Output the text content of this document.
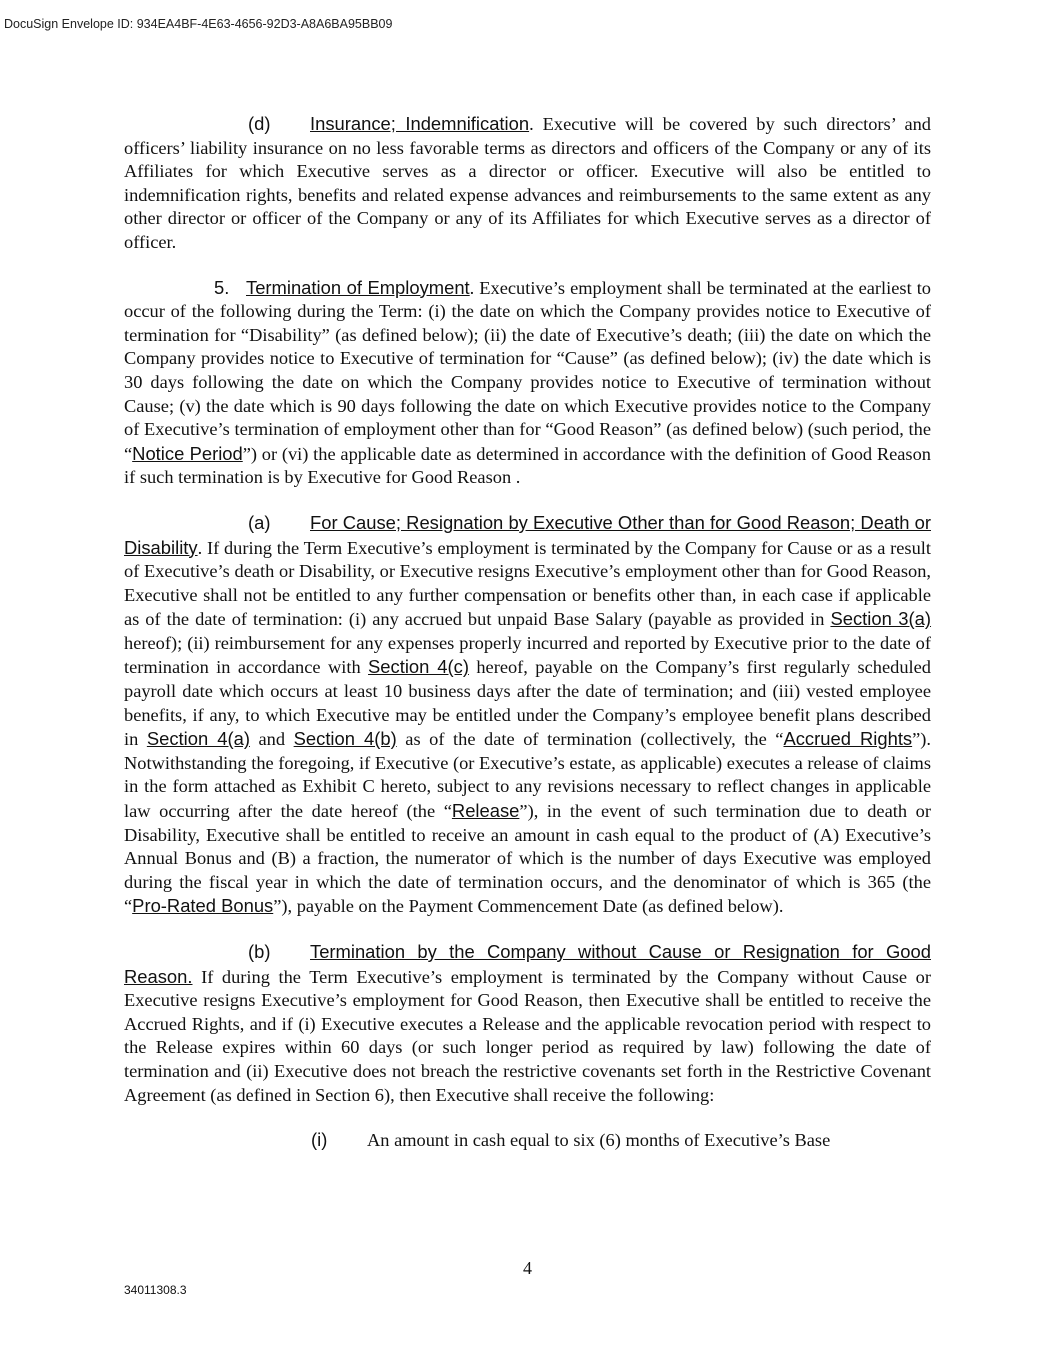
DocuSign Envelope ID: 934EA4BF-4E63-4656-92D3-A8A6BA95BB09

(d) Insurance; Indemnification. Executive will be covered by such directors’ and officers’ liability insurance on no less favorable terms as directors and officers of the Company or any of its Affiliates for which Executive serves as a director or officer. Executive will also be entitled to indemnification rights, benefits and related expense advances and reimbursements to the same extent as any other director or officer of the Company or any of its Affiliates for which Executive serves as a director of officer.

5. Termination of Employment. Executive’s employment shall be terminated at the earliest to occur of the following during the Term: (i) the date on which the Company provides notice to Executive of termination for “Disability” (as defined below); (ii) the date of Executive’s death; (iii) the date on which the Company provides notice to Executive of termination for “Cause” (as defined below); (iv) the date which is 30 days following the date on which the Company provides notice to Executive of termination without Cause; (v) the date which is 90 days following the date on which Executive provides notice to the Company of Executive’s termination of employment other than for “Good Reason” (as defined below) (such period, the “Notice Period”) or (vi) the applicable date as determined in accordance with the definition of Good Reason if such termination is by Executive for Good Reason .

(a) For Cause; Resignation by Executive Other than for Good Reason; Death or Disability. If during the Term Executive’s employment is terminated by the Company for Cause or as a result of Executive’s death or Disability, or Executive resigns Executive’s employment other than for Good Reason, Executive shall not be entitled to any further compensation or benefits other than, in each case if applicable as of the date of termination: (i) any accrued but unpaid Base Salary (payable as provided in Section 3(a) hereof); (ii) reimbursement for any expenses properly incurred and reported by Executive prior to the date of termination in accordance with Section 4(c) hereof, payable on the Company’s first regularly scheduled payroll date which occurs at least 10 business days after the date of termination; and (iii) vested employee benefits, if any, to which Executive may be entitled under the Company’s employee benefit plans described in Section 4(a) and Section 4(b) as of the date of termination (collectively, the “Accrued Rights”). Notwithstanding the foregoing, if Executive (or Executive’s estate, as applicable) executes a release of claims in the form attached as Exhibit C hereto, subject to any revisions necessary to reflect changes in applicable law occurring after the date hereof (the “Release”), in the event of such termination due to death or Disability, Executive shall be entitled to receive an amount in cash equal to the product of (A) Executive’s Annual Bonus and (B) a fraction, the numerator of which is the number of days Executive was employed during the fiscal year in which the date of termination occurs, and the denominator of which is 365 (the “Pro-Rated Bonus”), payable on the Payment Commencement Date (as defined below).

(b) Termination by the Company without Cause or Resignation for Good Reason. If during the Term Executive’s employment is terminated by the Company without Cause or Executive resigns Executive’s employment for Good Reason, then Executive shall be entitled to receive the Accrued Rights, and if (i) Executive executes a Release and the applicable revocation period with respect to the Release expires within 60 days (or such longer period as required by law) following the date of termination and (ii) Executive does not breach the restrictive covenants set forth in the Restrictive Covenant Agreement (as defined in Section 6), then Executive shall receive the following:

(i) An amount in cash equal to six (6) months of Executive’s Base

4
34011308.3
